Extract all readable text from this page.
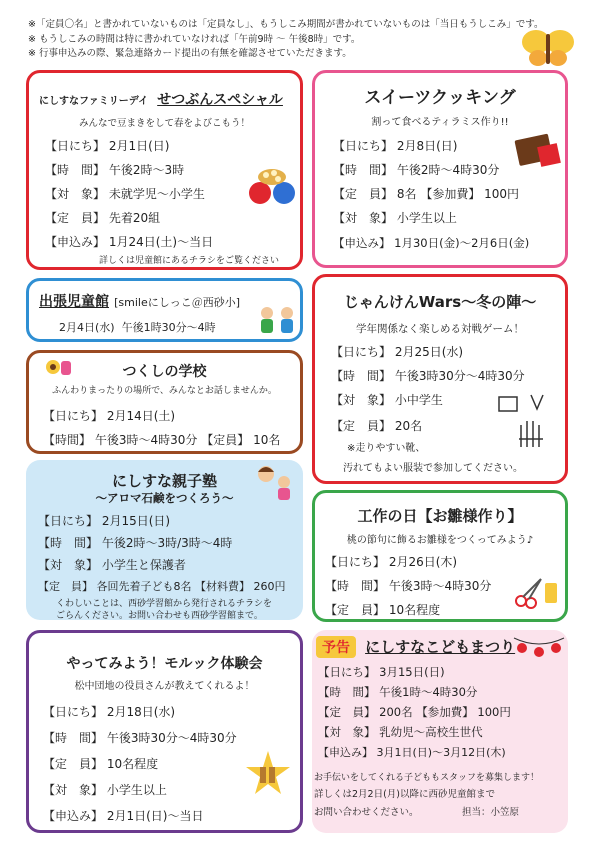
※「定員〇名」と書かれていないものは「定員なし」、もうしこみ期間が書かれていないものは「当日もうしこみ」です。
※ もうしこみの時間は特に書かれていなければ「午前9時 ～ 午後8時」です。
※ 行事申込みの際、緊急連絡カード提出の有無を確認させていただきます。
にしすなファミリーデイ せつぶんスペシャル
みんなで豆まきをして春をよびこもう！
【日にち】 2月1日(日)
【時　間】 午後2時～3時
【対　象】 未就学児～小学生
【定　員】 先着20組
【申込み】 1月24日(土)～当日
詳しくは児童館にあるチラシをご覧ください
スイーツクッキング
割って食べるティラミス作り!!
【日にち】 2月8日(日)
【時　間】 午後2時～4時30分
【定　員】 8名 【参加費】 100円
【対　象】 小学生以上
【申込み】 1月30日(金)～2月6日(金)
出張児童館 [smileにしっこ＠西砂小]
2月4日(水) 午後1時30分～4時
つくしの学校
ふんわりまったりの場所で、みんなとお話しませんか。
【日にち】 2月14日(土)
【時間】 午後3時～4時30分 【定員】 10名
じゃんけんWars～冬の陣～
学年関係なく楽しめる対戦ゲーム！
【日にち】 2月25日(水)
【時　間】 午後3時30分～4時30分
【対　象】 小中学生
【定　員】 20名
※走りやすい靴、
汚れてもよい服装で参加してください。
にしすな親子塾
～アロマ石鹸をつくろう～
【日にち】 2月15日(日)
【時　間】 午後2時～3時/3時～4時
【対　象】 小学生と保護者
【定　員】 各回先着子ども8名 【材料費】 260円
くわしいことは、西砂学習館から発行されるチラシを
ごらんください。お問い合わせも西砂学習館まで。
工作の日【お雛様作り】
桃の節句に飾るお雛様をつくってみよう♪
【日にち】 2月26日(木)
【時　間】 午後3時～4時30分
【定　員】 10名程度
やってみよう！モルック体験会
松中団地の役員さんが教えてくれるよ！
【日にち】 2月18日(水)
【時　間】 午後3時30分～4時30分
【定　員】 10名程度
【対　象】 小学生以上
【申込み】 2月1日(日)～当日
予告 にしすなこどもまつり
【日にち】 3月15日(日)
【時　間】 午後1時～4時30分
【定　員】 200名 【参加費】 100円
【対　象】 乳幼児～高校生世代
【申込み】 3月1日(日)～3月12日(木)
お手伝いをしてくれる子どももスタッフを募集します！
詳しくは2月2日(月)以降に西砂児童館まで
お問い合わせください。	担当：小笠原
